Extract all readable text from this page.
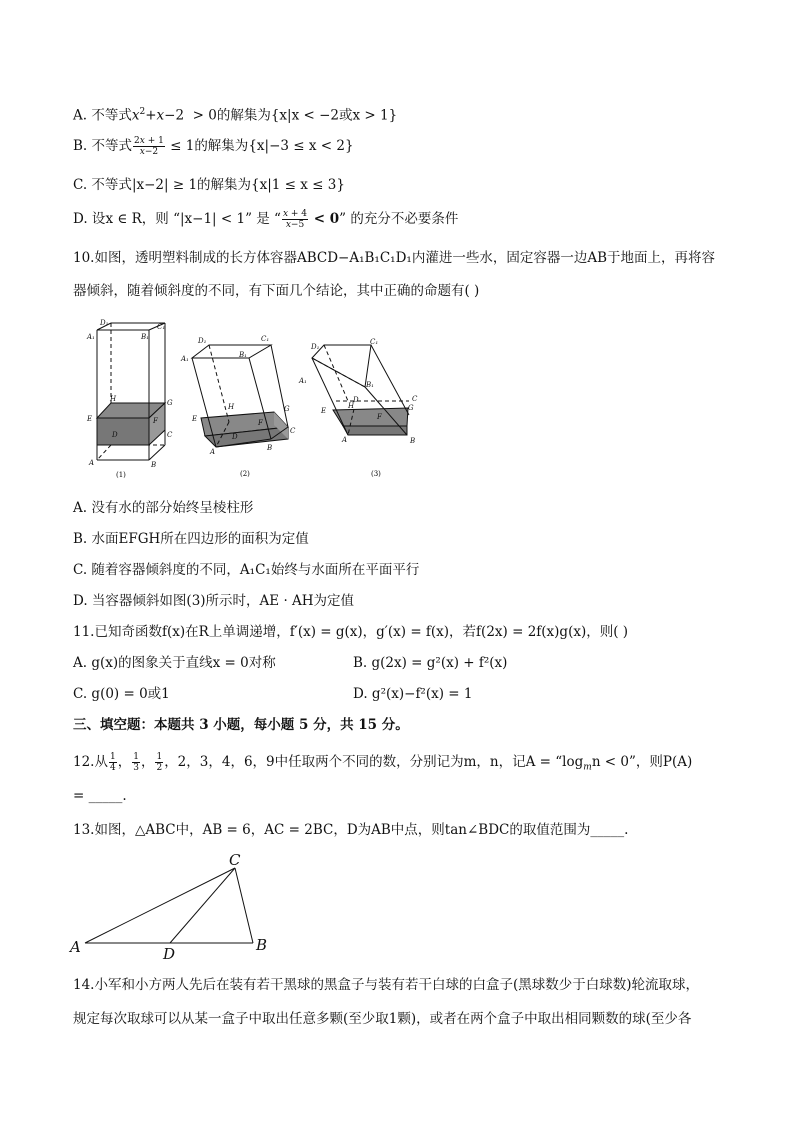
A. 不等式$x^2+x-2 > 0$的解集为{x|x < −2或x > 1}
B. 不等式 $\frac{2x + 1}{x-2} \le 1$的解集为{x|−3 ≤ x < 2}
C. 不等式|x−2| ≥ 1的解集为{x|1 ≤ x ≤ 3}
D. 设x ∈ R，则 “|x−1| < 1” 是 “ $\frac{x + 4}{x-5} < 0$” 的充分不必要条件
10.如图，透明塑料制成的长方体容器ABCD−A₁B₁C₁D₁内灌进一些水，固定容器一边AB于地面上，再将容
器倾斜，随着倾斜度的不同，有下面几个结论，其中正确的命题有( )
D₁	C₁
A₁	B₁
H	G
E	F
D	C
A	B
(1)
D₁	C₁
A₁	B₁
H	G
E	F
D
C
A	B
(2)
D₁
C₁
A₁	B₁
D
H
C
G
E
F
A	B
(3)
A. 没有水的部分始终呈棱柱形
B. 水面EFGH所在四边形的面积为定值
C. 随着容器倾斜度的不同，A₁C₁始终与水面所在平面平行
D. 当容器倾斜如图(3)所示时，AE · AH为定值
11.已知奇函数f(x)在R上单调递增，f′(x) = g(x)，g′(x) = f(x)，若f(2x) = 2f(x)g(x)，则( )
A. g(x)的图象关于直线x = 0对称	B. g(2x) = g²(x) + f²(x)
C. g(0) = 0或1	D. g²(x)−f²(x) = 1
三、填空题：本题共 3 小题，每小题 5 分，共 15 分。
12.从 $\frac{1}{4}$ ， $\frac{1}{3}$ ， $\frac{1}{2}$ ，2，3，4，6，9中任取两个不同的数，分别记为m，n，记$A = “\log_mn < 0$”，则P(A)
= _____.
13.如图，△ABC中，AB = 6，AC = 2BC，D为AB中点，则tan∠BDC的取值范围为_____.
C
A	D	B
14.小军和小方两人先后在装有若干黑球的黑盒子与装有若干白球的白盒子(黑球数少于白球数)轮流取球，
规定每次取球可以从某一盒子中取出任意多颗(至少取1颗)，或者在两个盒子中取出相同颗数的球(至少各
